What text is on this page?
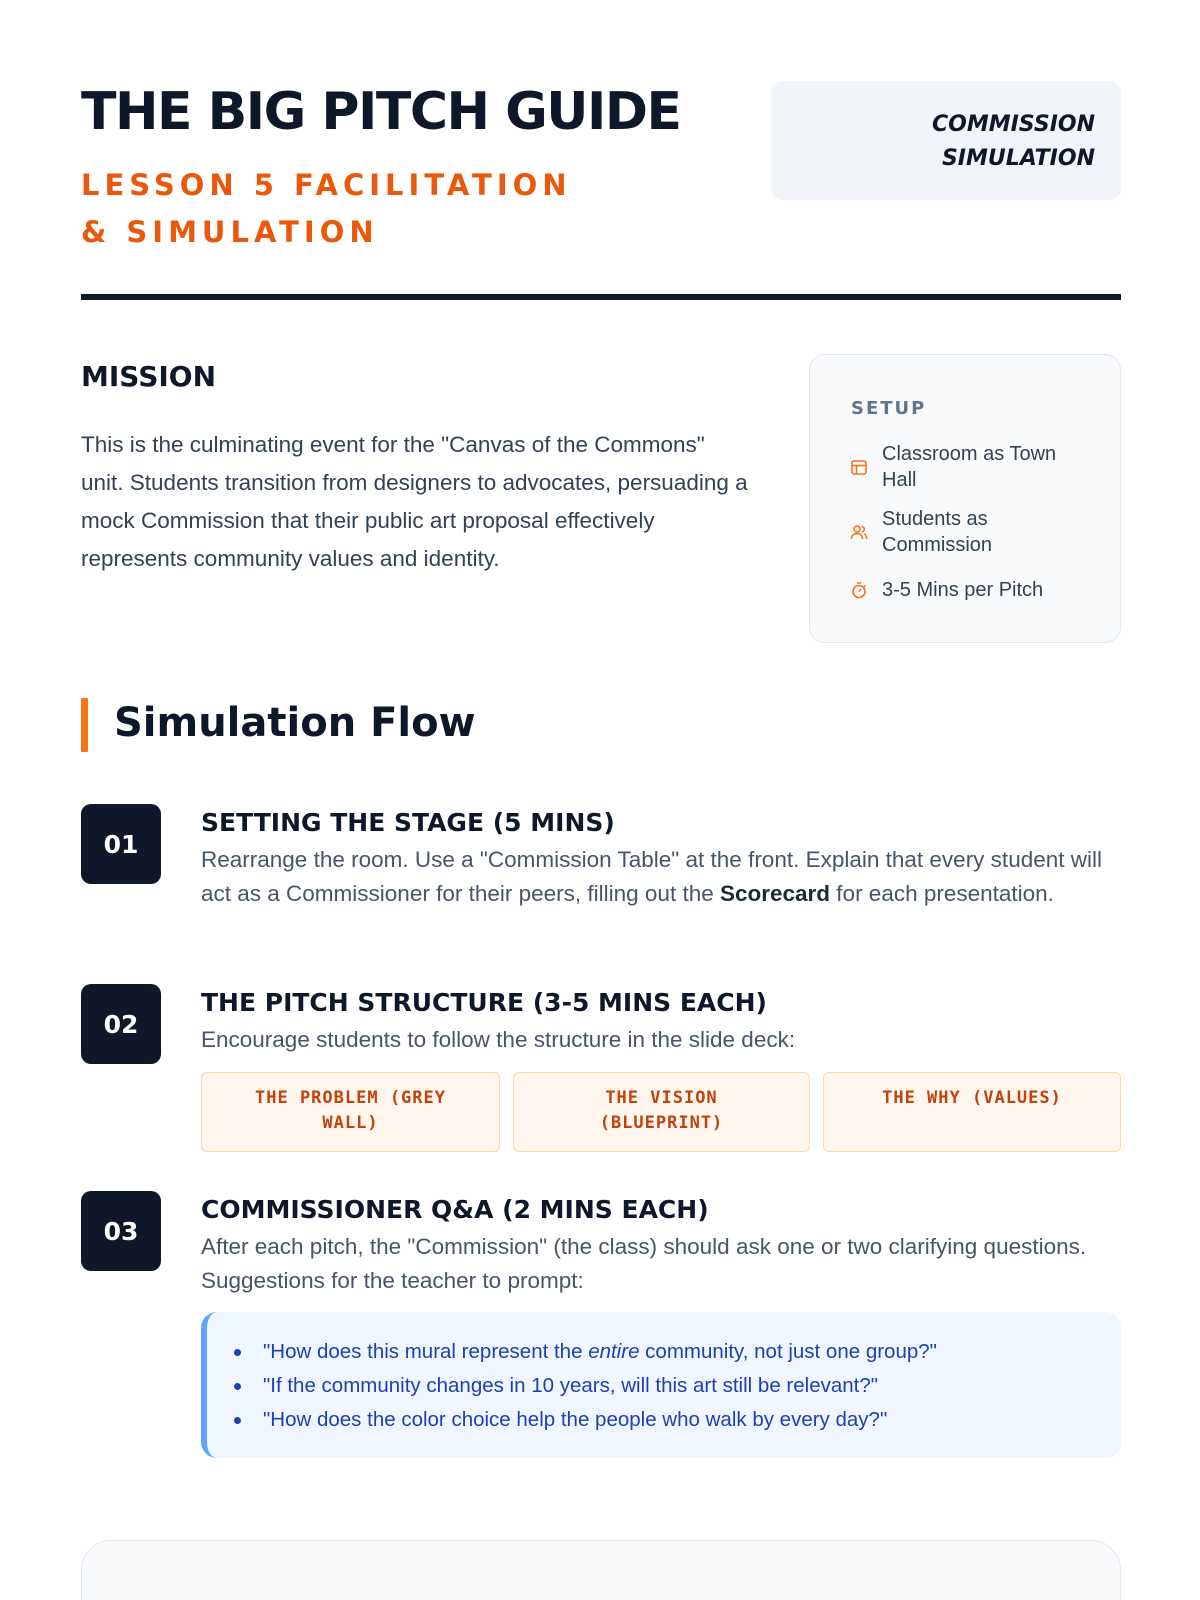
THE BIG PITCH GUIDE
LESSON 5 FACILITATION & SIMULATION
COMMISSION SIMULATION
MISSION

This is the culminating event for the "Canvas of the Commons" unit. Students transition from designers to advocates, persuading a mock Commission that their public art proposal effectively represents community values and identity.

SETUP
Classroom as Town Hall
Students as Commission
3-5 Mins per Pitch
Simulation Flow
01
SETTING THE STAGE (5 MINS)

Rearrange the room. Use a "Commission Table" at the front. Explain that every student will act as a Commissioner for their peers, filling out the Scorecard for each presentation.

02
THE PITCH STRUCTURE (3-5 MINS EACH)

Encourage students to follow the structure in the slide deck:

THE PROBLEM (GREY WALL)
THE VISION (BLUEPRINT)
THE WHY (VALUES)
03
COMMISSIONER Q&A (2 MINS EACH)

After each pitch, the "Commission" (the class) should ask one or two clarifying questions. Suggestions for the teacher to prompt:

"How does this mural represent the entire community, not just one group?"
"If the community changes in 10 years, will this art still be relevant?"
"How does the color choice help the people who walk by every day?"
